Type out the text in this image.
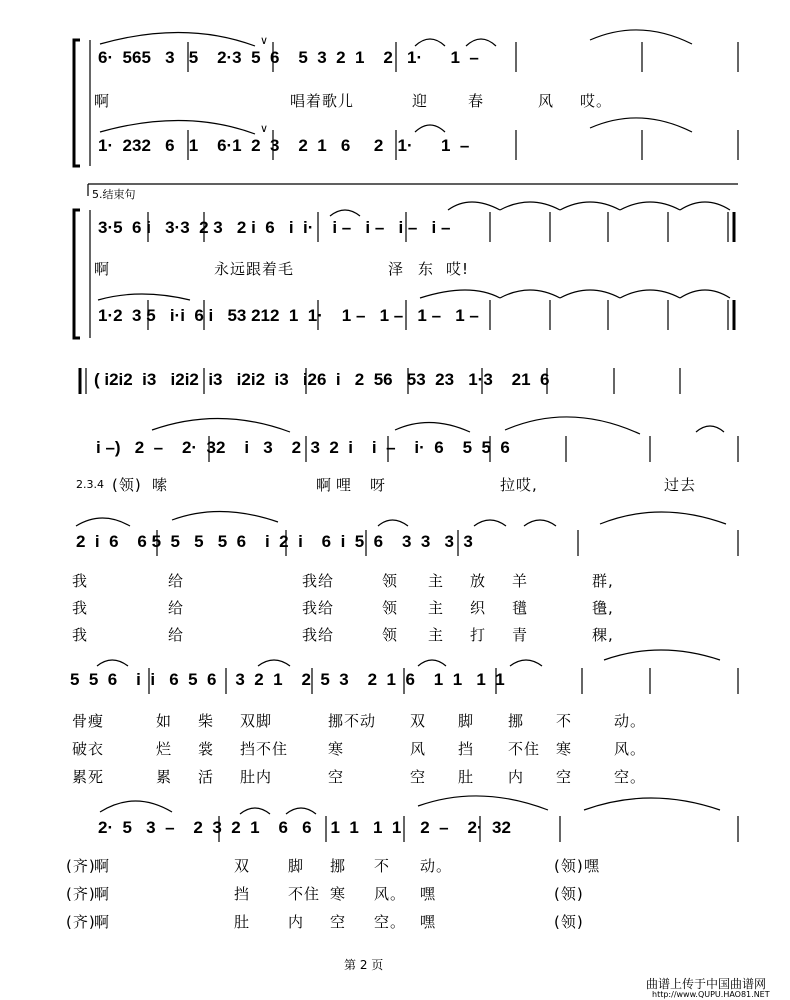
6·  565   3   5    2·3  5  6    5  3  2  1    2   1·      1  –
∨
啊	唱着歌儿	迎	春	风 哎。
1·  232   6   1    6·1  2  3    2  1   6     2   1·      1  –
∨
5.结束句
3·5  6 i   3·3  2 3   2 i  6   i  i·    i –   i –   i –   i –
啊	永远跟着毛	泽 东 哎!
1·2  3 5   i·i  6 i   53 212  1  1·    1 –   1 –   1 –   1 –
( i2i2  i3   i2i2  i3   i2i2  i3   i26  i   2  56   53  23   1·3    21  6
i –)   2  –    2·  32    i   3    2  3  2  i    i  –    i·  6    5  5  6
2.3.4 (领) 嗦	啊 哩 呀	拉哎,	过去
2  i  6    6 5  5   5   5  6    i  2  i    6  i  5  6    3  3   3  3
我	给	我给	领 主 放 羊	群,
我	给	我给	领 主 织 氆	氇,
我	给	我给	领 主 打 青	稞,
5  5  6    i  i   6  5  6    3  2  1    2  5  3    2  1  6    1  1   1  1
骨瘦	如 柴 双脚	挪不动 双 脚 挪 不	动。
破衣	烂 裳 挡不住	寒	风 挡 不住 寒	风。
累死	累 活 肚内	空	空 肚 内 空	空。
2·  5   3  –    2  3  2  1    6   6    1  1   1  1    2  –    2·  32
(齐)
啊	双	脚 挪 不 动。	嘿
(齐)
啊	挡	不住 寒 风。 嘿
(齐)
啊	肚	内 空 空。 嘿
(领)
(领)
(领)
第 2 页
曲谱上传于中国曲谱网
http://www.QUPU.HAO81.NET
